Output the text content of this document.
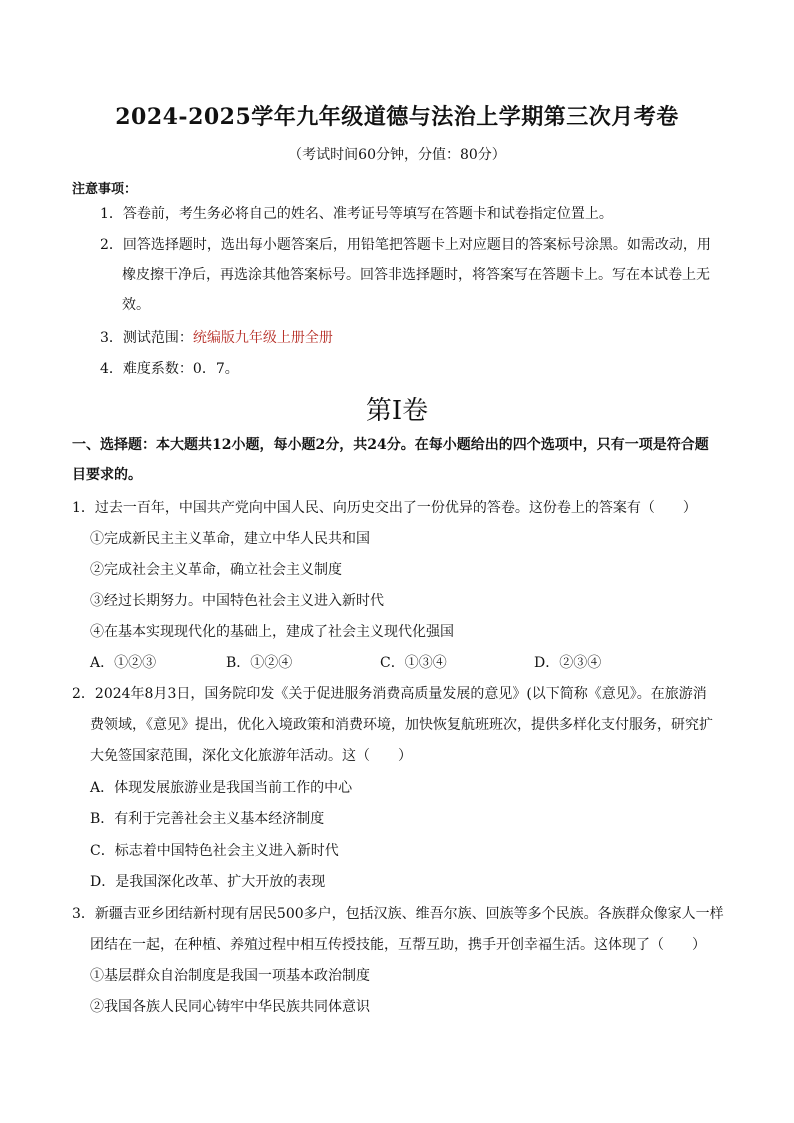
2024-2025学年九年级道德与法治上学期第三次月考卷
（考试时间60分钟，分值：80分）
注意事项：
1．答卷前，考生务必将自己的姓名、准考证号等填写在答题卡和试卷指定位置上。
2．回答选择题时，选出每小题答案后，用铅笔把答题卡上对应题目的答案标号涂黑。如需改动，用
橡皮擦干净后，再选涂其他答案标号。回答非选择题时，将答案写在答题卡上。写在本试卷上无
效。
3．测试范围：统编版九年级上册全册
4．难度系数：0．7。
第Ⅰ卷
一、选择题：本大题共12小题，每小题2分，共24分。在每小题给出的四个选项中，只有一项是符合题
目要求的。
1．过去一百年，中国共产党向中国人民、向历史交出了一份优异的答卷。这份卷上的答案有（　　）
①完成新民主主义革命，建立中华人民共和国
②完成社会主义革命，确立社会主义制度
③经过长期努力。中国特色社会主义进入新时代
④在基本实现现代化的基础上，建成了社会主义现代化强国
A．①②③	B．①②④	C．①③④	D．②③④
2．2024年8月3日，国务院印发《关于促进服务消费高质量发展的意见》(以下简称《意见》。在旅游消
费领域，《意见》提出，优化入境政策和消费环境，加快恢复航班班次，提供多样化支付服务，研究扩
大免签国家范围，深化文化旅游年活动。这（　　）
A．体现发展旅游业是我国当前工作的中心
B．有利于完善社会主义基本经济制度
C．标志着中国特色社会主义进入新时代
D．是我国深化改革、扩大开放的表现
3．新疆吉亚乡团结新村现有居民500多户，包括汉族、维吾尔族、回族等多个民族。各族群众像家人一样
团结在一起，在种植、养殖过程中相互传授技能，互帮互助，携手开创幸福生活。这体现了（　　）
①基层群众自治制度是我国一项基本政治制度
②我国各族人民同心铸牢中华民族共同体意识
